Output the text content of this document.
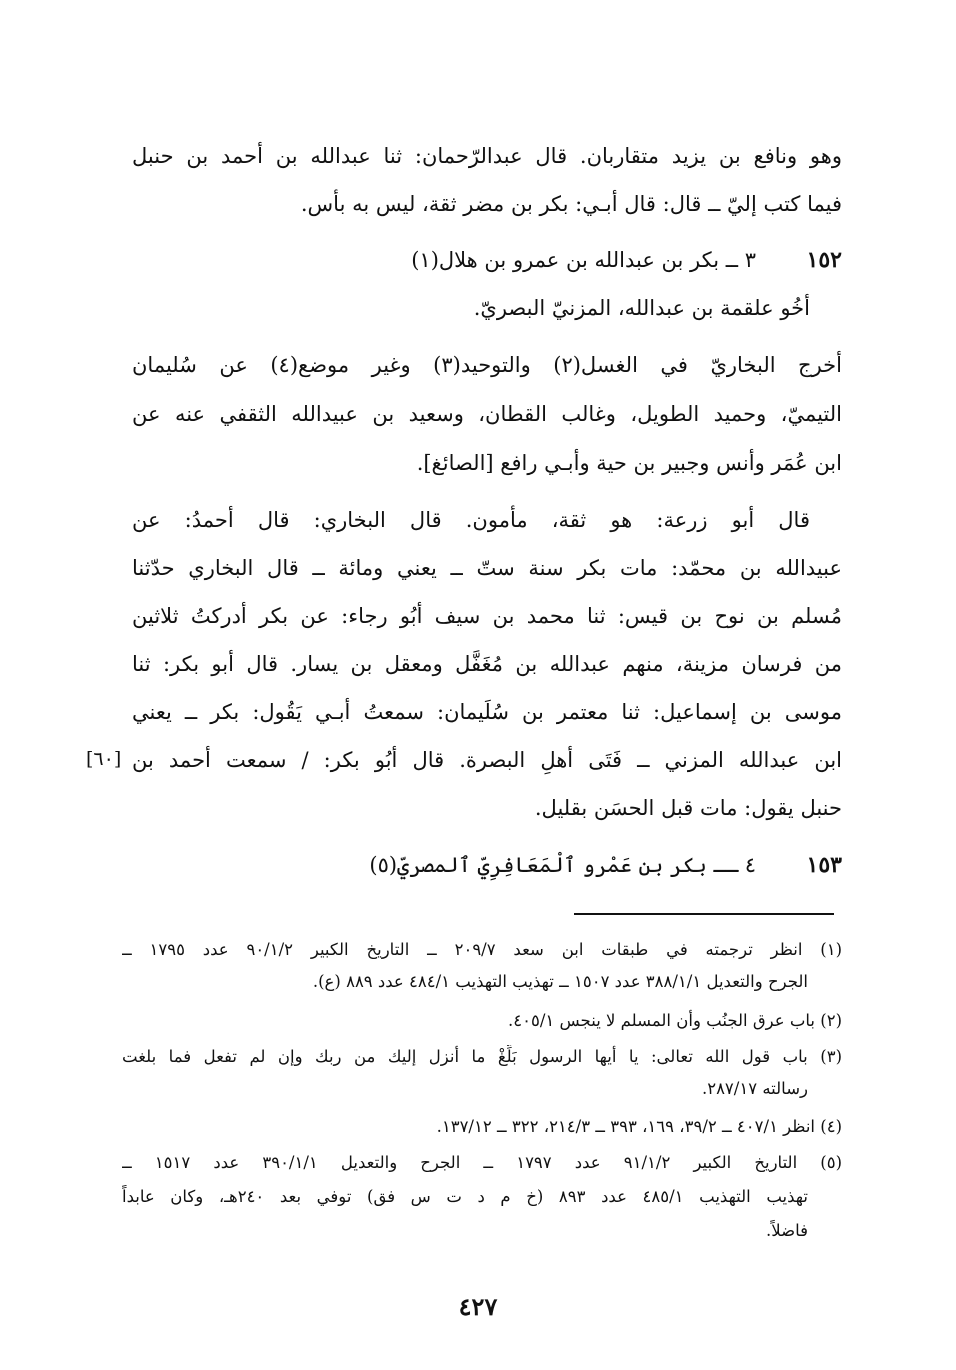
وهو ونافع بن يزيد متقاربان. قال عبدالرّحمان: ثنا عبدالله بن أحمد بن حنبل
فيما كتب إليّ ــ قال: قال أبـي: بكر بن مضر ثقة، ليس به بأس.
١٥٢
٣ ــ بكر بن عبدالله بن عمرو بن هلال(١)
أخُو علقمة بن عبدالله، المزنيّ البصريّ.
أخرج البخاريّ في الغسل(٢) والتوحيد(٣) وغير موضع(٤) عن سُليمان
التيميّ، وحميد الطويل، وغالب القطان، وسعيد بن عبيدالله الثقفي عنه عن
ابن عُمَر وأنس وجبير بن حية وأبـي رافع [الصائغ].
قال أبو زرعة: هو ثقة، مأمون. قال البخاري: قال أحمدُ: عن
عبيدالله بن محمّد: مات بكر سنة ستّ ــ يعني ومائة ــ قال البخاري حدّثنا
مُسلم بن نوح بن قيس: ثنا محمد بن سيف أبُو رجاء: عن بكر أدركتُ ثلاثين
من فرسان مزينة، منهم عبدالله بن مُغَفَّل ومعقل بن يسار. قال أبو بكر: ثنا
موسى بن إسماعيل: ثنا معتمر بن سُلَيمان: سمعتُ أبـي يَقُول: بكر ــ يعني
ابن عبدالله المزني ــ فَتَى أهلِ البصرة. قال أبُو بكر: / سمعت أحمد بن
[٦٠]
حنبل يقول: مات قبل الحسَن بقليل.
١٥٣
٤ ــ بكر بن عَمْرو ٱلْمَعَافِرِيّ ٱلمصريّ(٥)
(١) انظر ترجمته في طبقات ابن سعد ٢٠٩/٧ ــ التاريخ الكبير ٩٠/١/٢ عدد ١٧٩٥ ــ
الجرح والتعديل ٣٨٨/١/١ عدد ١٥٠٧ ــ تهذيب التهذيب ٤٨٤/١ عدد ٨٨٩ (ع).
(٢) باب عرق الجنُب وأن المسلم لا ينجس ٤٠٥/١.
(٣) باب قول الله تعالى: يا أيها الرسول بَلِّغْ ما أنزل إليك من ربك وإن لم تفعل فما بلغت
رسالته ٢٨٧/١٧.
(٤) انظر ٤٠٧/١ ــ ٣٩/٢، ١٦٩، ٣٩٣ ــ ٢١٤/٣، ٣٢٢ ــ ١٣٧/١٢.
(٥) التاريخ الكبير ٩١/١/٢ عدد ١٧٩٧ ــ الجرح والتعديل ٣٩٠/١/١ عدد ١٥١٧ ــ
تهذيب التهذيب ٤٨٥/١ عدد ٨٩٣ (خ م د ت س فق) توفي بعد ٢٤٠هـ، وكان عابداً
فاضلاً.
٤٢٧
